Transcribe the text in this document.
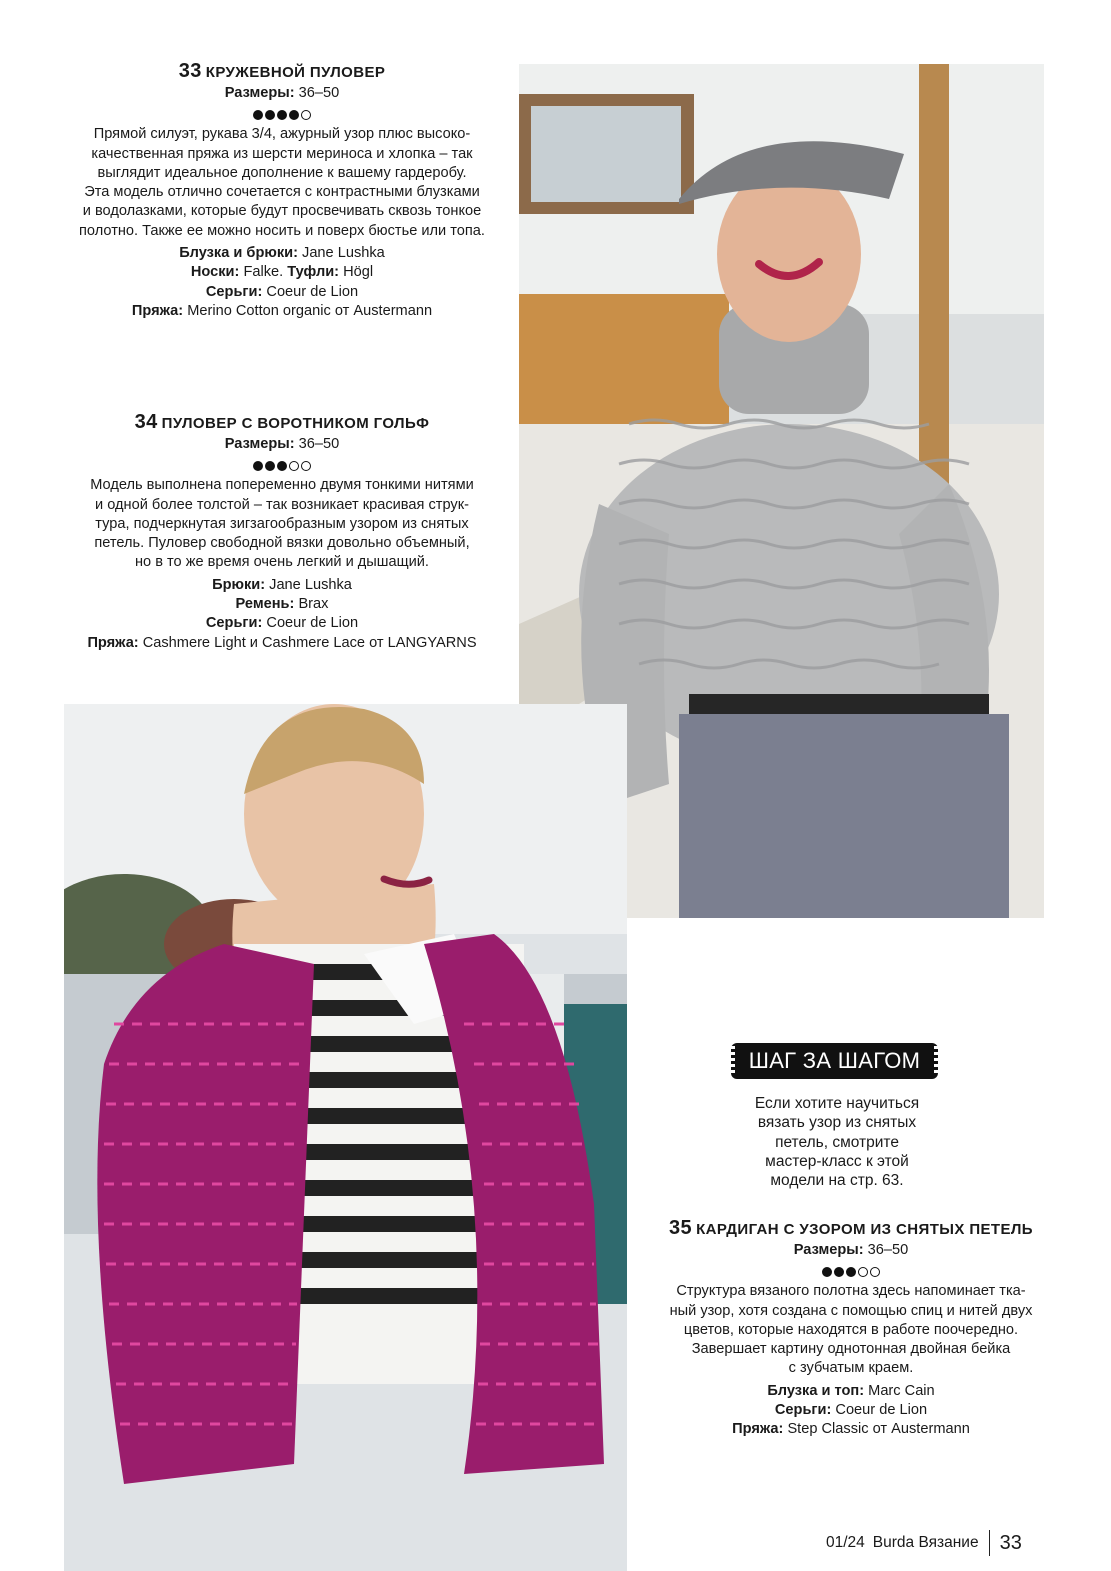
33 КРУЖЕВНОЙ ПУЛОВЕР
Размеры: 36–50
Прямой силуэт, рукава 3/4, ажурный узор плюс высоко-
качественная пряжа из шерсти мериноса и хлопка – так
выглядит идеальное дополнение к вашему гардеробу.
Эта модель отлично сочетается с контрастными блузками
и водолазками, которые будут просвечивать сквозь тонкое
полотно. Также ее можно носить и поверх бюстье или топа.
Блузка и брюки: Jane Lushka
Носки: Falke. Туфли: Högl
Серьги: Coeur de Lion
Пряжа: Merino Cotton organic от Austermann
34 ПУЛОВЕР С ВОРОТНИКОМ ГОЛЬФ
Размеры: 36–50
Модель выполнена попеременно двумя тонкими нитями
и одной более толстой – так возникает красивая струк-
тура, подчеркнутая зигзагообразным узором из снятых
петель. Пуловер свободной вязки довольно объемный,
но в то же время очень легкий и дышащий.
Брюки: Jane Lushka
Ремень: Brax
Серьги: Coeur de Lion
Пряжа: Cashmere Light и Cashmere Lace от LANGYARNS
35 КАРДИГАН С УЗОРОМ ИЗ СНЯТЫХ ПЕТЕЛЬ
Размеры: 36–50
Структура вязаного полотна здесь напоминает тка-
ный узор, хотя создана с помощью спиц и нитей двух
цветов, которые находятся в работе поочередно.
Завершает картину однотонная двойная бейка
с зубчатым краем.
Блузка и топ: Marc Cain
Серьги: Coeur de Lion
Пряжа: Step Classic от Austermann
ШАГ ЗА ШАГОМ
Если хотите научиться
вязать узор из снятых
петель, смотрите
мастер-класс к этой
модели на стр. 63.
01/24 Burda Вязание 33
